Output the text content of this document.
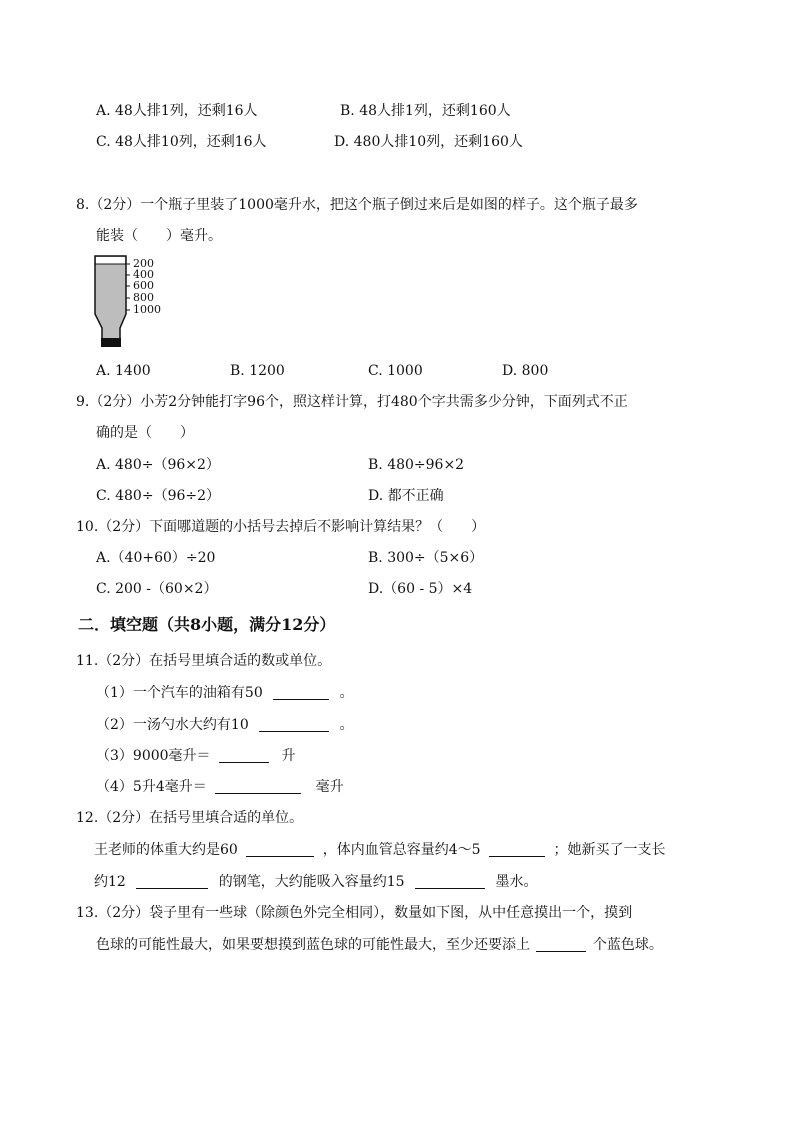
A. 48人排1列，还剩16人	B. 48人排1列，还剩160人
C. 48人排10列，还剩16人	D. 480人排10列，还剩160人
8.（2分）一个瓶子里装了1000毫升水，把这个瓶子倒过来后是如图的样子。这个瓶子最多
能装（　　）毫升。
200
400
600
800
1000
A. 1400	B. 1200	C. 1000	D. 800
9.（2分）小芳2分钟能打字96个，照这样计算，打480个字共需多少分钟，下面列式不正
确的是（　　）
A. 480÷（96×2）	B. 480÷96×2
C. 480÷（96÷2）	D. 都不正确
10.（2分）下面哪道题的小括号去掉后不影响计算结果？（　　）
A.（40+60）÷20	B. 300÷（5×6）
C. 200 -（60×2）	D.（60 - 5）×4
二．填空题（共8小题，满分12分）
11.（2分）在括号里填合适的数或单位。
（1）一个汽车的油箱有50	。
（2）一汤勺水大约有10	。
（3）9000毫升＝	升
（4）5升4毫升＝	毫升
12.（2分）在括号里填合适的单位。
王老师的体重大约是60	，体内血管总容量约4～5	；她新买了一支长
约12	的钢笔，大约能吸入容量约15	墨水。
13.（2分）袋子里有一些球（除颜色外完全相同），数量如下图，从中任意摸出一个，摸到
色球的可能性最大，如果要想摸到蓝色球的可能性最大，至少还要添上	个蓝色球。
